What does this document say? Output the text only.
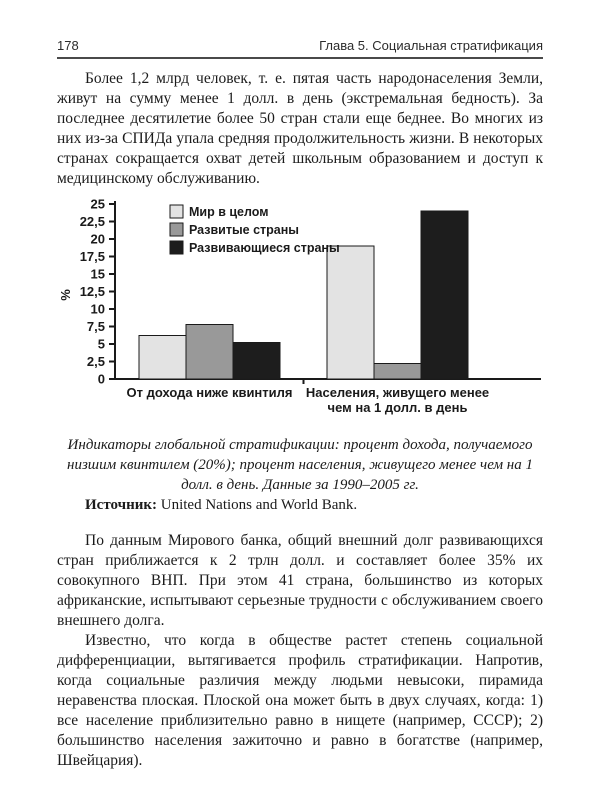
178	Глава 5. Социальная стратификация

Более 1,2 млрд человек, т. е. пятая часть народонаселения Земли, живут на сумму менее 1 долл. в день (экстремальная бедность). За последнее десятилетие более 50 стран стали еще беднее. Во многих из них из-за СПИДа упала средняя продолжительность жизни. В некоторых странах сокращается охват детей школьным образованием и доступ к медицинскому обслуживанию.

0
2,5
5
7,5
10
12,5
15
17,5
20
22,5
25
%
От дохода ниже квинтиля Населения, живущего менее
чем на 1 долл. в день
Мир в целом
Развитые страны
Развивающиеся страны
Индикаторы глобальной стратификации: процент дохода, получаемого низшим квинтилем (20%); процент населения, живущего менее чем на 1 долл. в день. Данные за 1990–2005 гг.

Источник: United Nations and World Bank.

По данным Мирового банка, общий внешний долг развивающихся стран приближается к 2 трлн долл. и составляет более 35% их совокупного ВНП. При этом 41 страна, большинство из которых африканские, испытывают серьезные трудности с обслуживанием своего внешнего долга.

Известно, что когда в обществе растет степень социальной дифференциации, вытягивается профиль стратификации. Напротив, когда социальные различия между людьми невысоки, пирамида неравенства плоская. Плоской она может быть в двух случаях, когда: 1) все население приблизительно равно в нищете (например, СССР); 2) большинство населения зажиточно и равно в богатстве (например, Швейцария).
